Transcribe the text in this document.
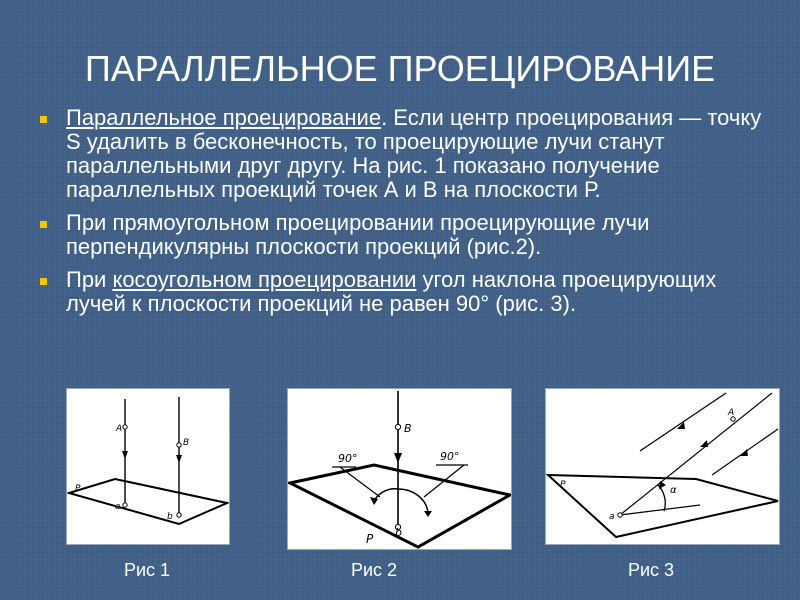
ПАРАЛЛЕЛЬНОЕ ПРОЕЦИРОВАНИЕ
Параллельное проецирование. Если центр проецирования — точку S удалить в бесконечность, то проецирующие лучи станут параллельными друг другу. На рис. 1 показано получение параллельных проекций точек А и В на плоскости Р.
При прямоугольном проецировании проецирующие лучи перпендикулярны плоскости проекций (рис.2).
При косоугольном проецировании угол наклона проецирующих лучей к плоскости проекций не равен 90° (рис. 3).
A
B
a
b
P
B
b
90°	90°
P
A
a
P	α
Рис 1	Рис 2	Рис 3
